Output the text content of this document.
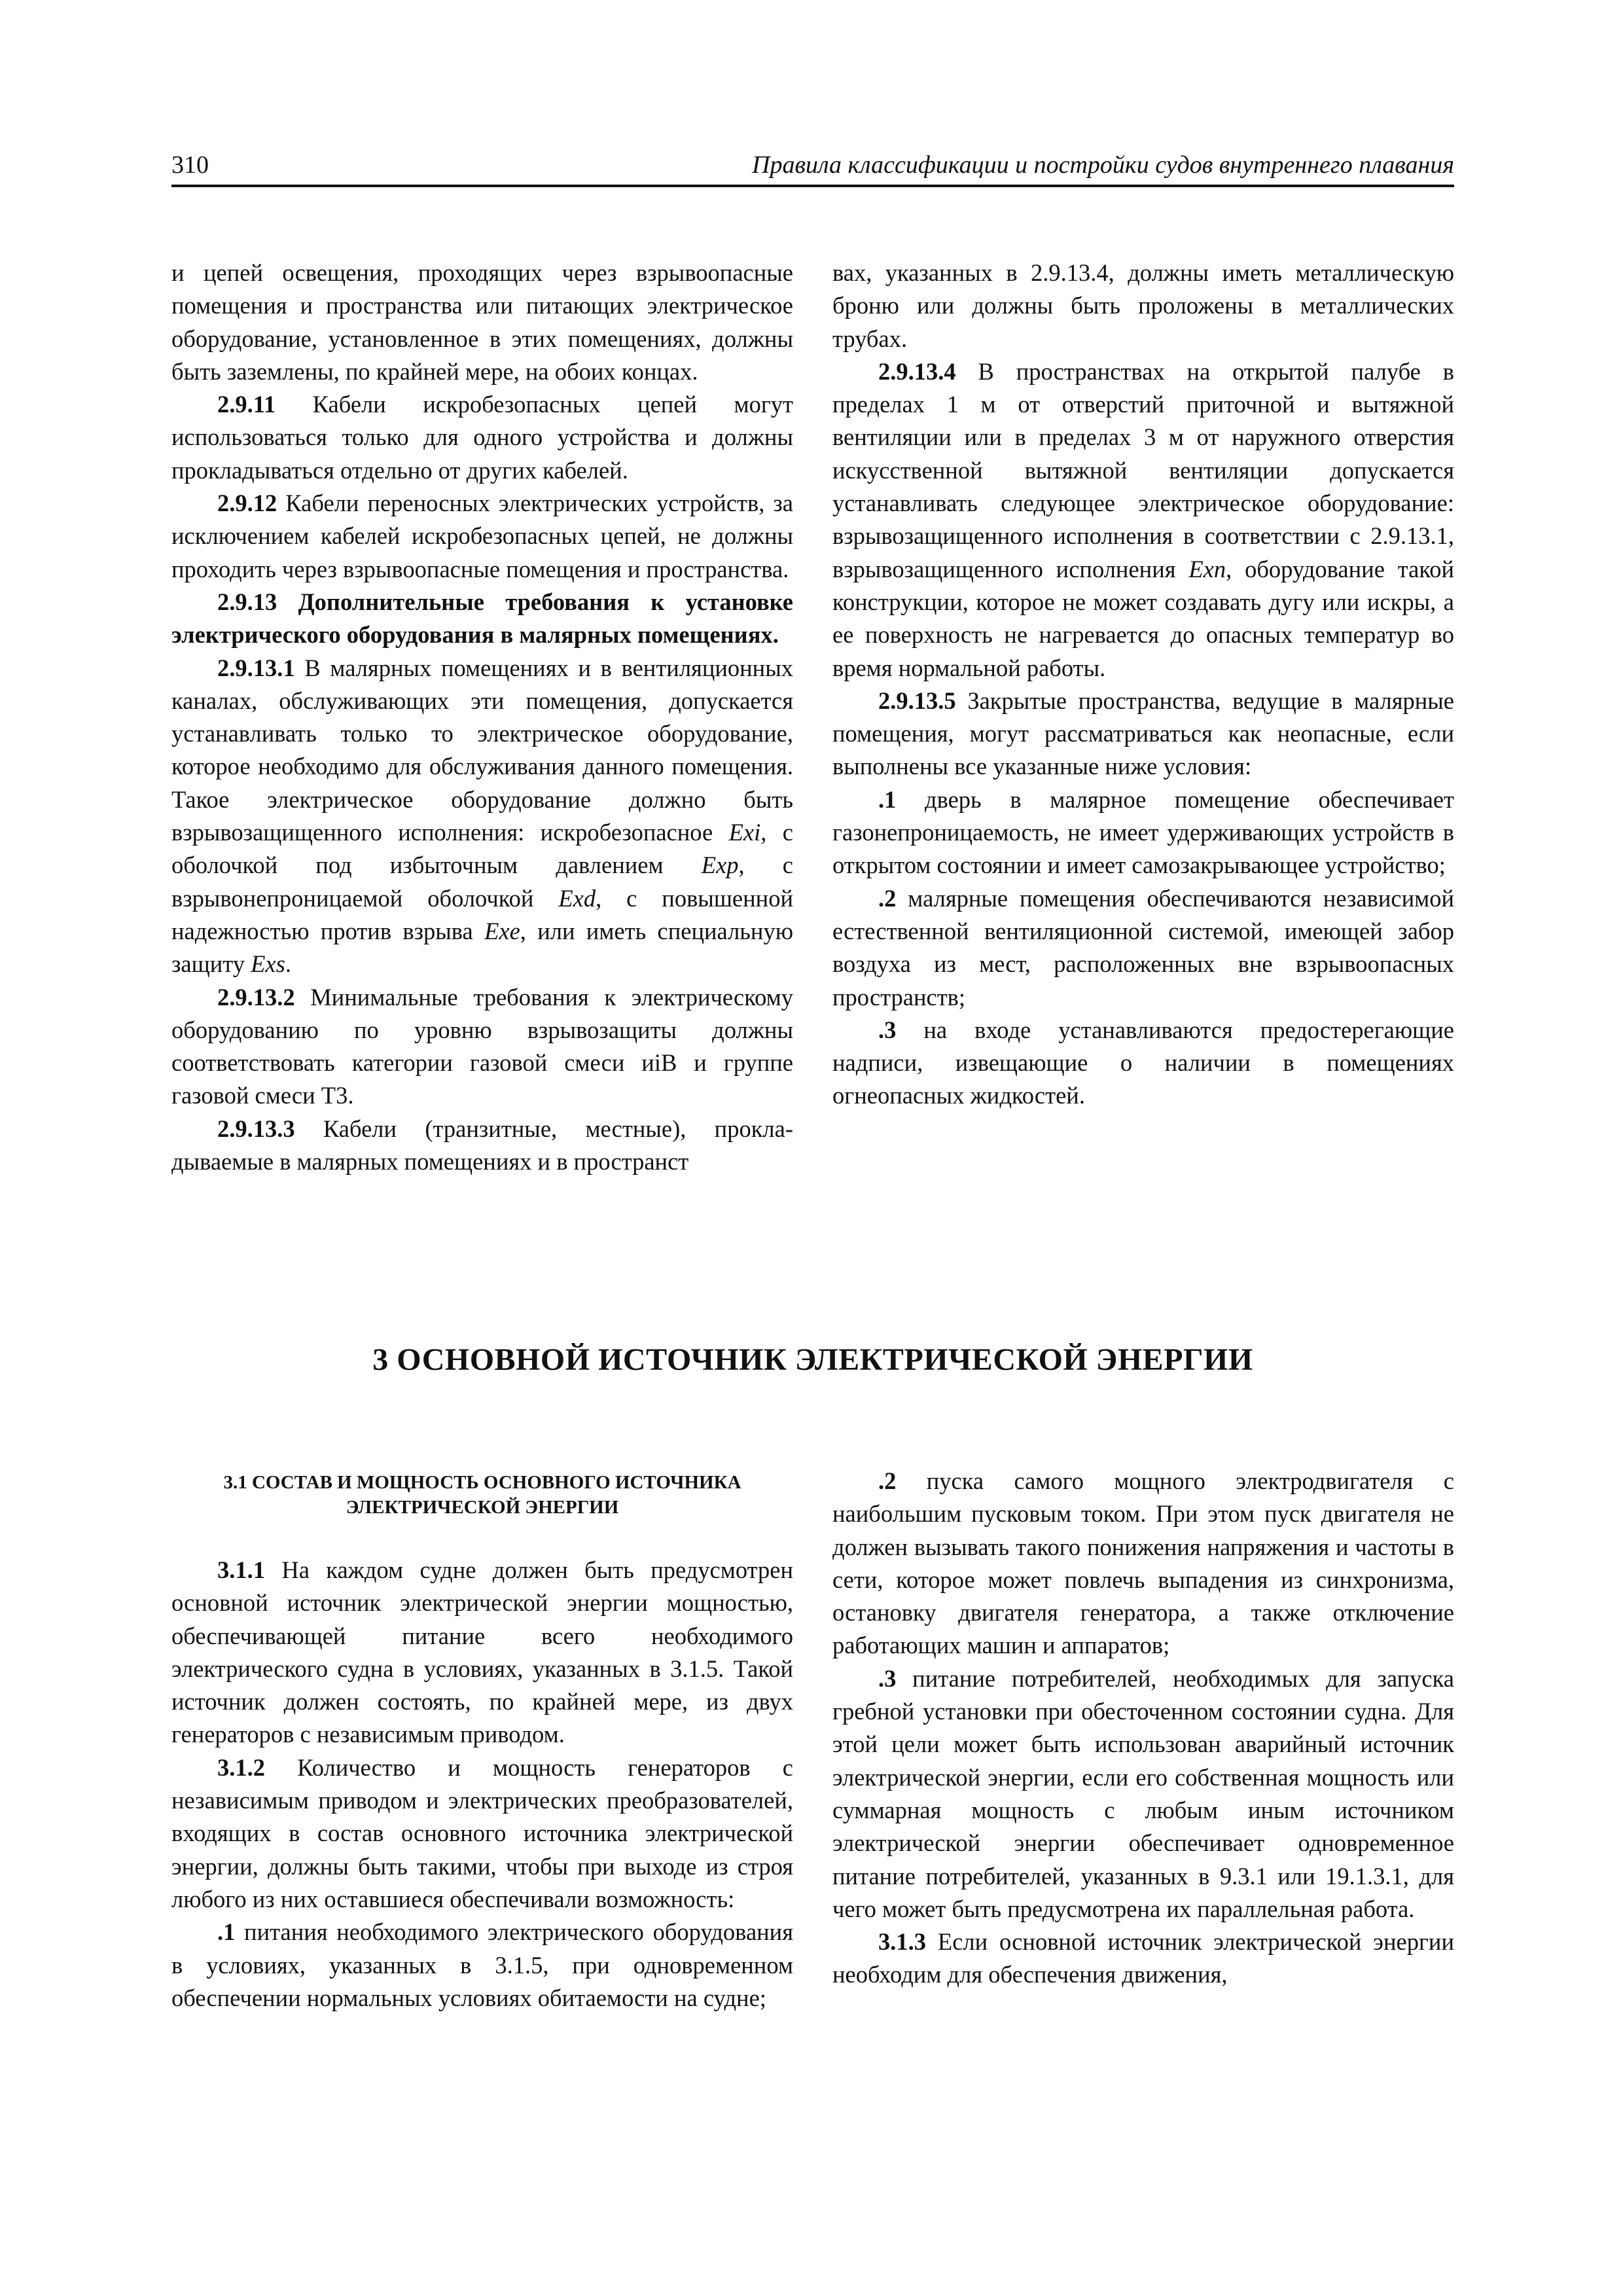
310	Правила классификации и постройки судов внутреннего плавания

и цепей освещения, проходящих через взрывоопасные помещения и пространства или питающих электрическое оборудование, установленное в этих помещениях, должны быть заземлены, по крайней мере, на обоих концах.

2.9.11 Кабели искробезопасных цепей могут использоваться только для одного устройства и должны прокладываться отдельно от других кабелей.

2.9.12 Кабели переносных электрических устройств, за исключением кабелей искробезопасных цепей, не должны проходить через взрывоопасные помещения и пространства.

2.9.13 Дополнительные требования к установке электрического оборудования в малярных помещениях.

2.9.13.1 В малярных помещениях и в вентиляционных каналах, обслуживающих эти помещения, допускается устанавливать только то электрическое оборудование, которое необходимо для обслуживания данного помещения. Такое электрическое оборудование должно быть взрывозащищенного исполнения: искробезопасное Exi, с оболочкой под избыточным давлением Exp, с взрывонепроницаемой оболочкой Exd, с повышенной надежностью против взрыва Exe, или иметь специальную защиту Exs.

2.9.13.2 Минимальные требования к электрическому оборудованию по уровню взрывозащиты должны соответствовать категории газовой смеси иiB и группе газовой смеси Т3.

2.9.13.3 Кабели (транзитные, местные), прокладываемые в малярных помещениях и в пространст

вах, указанных в 2.9.13.4, должны иметь металлическую броню или должны быть проложены в металлических трубах.

2.9.13.4 В пространствах на открытой палубе в пределах 1 м от отверстий приточной и вытяжной вентиляции или в пределах 3 м от наружного отверстия искусственной вытяжной вентиляции допускается устанавливать следующее электрическое оборудование: взрывозащищенного исполнения в соответствии с 2.9.13.1, взрывозащищенного исполнения Exn, оборудование такой конструкции, которое не может создавать дугу или искры, а ее поверхность не нагревается до опасных температур во время нормальной работы.

2.9.13.5 Закрытые пространства, ведущие в малярные помещения, могут рассматриваться как неопасные, если выполнены все указанные ниже условия:

.1 дверь в малярное помещение обеспечивает газонепроницаемость, не имеет удерживающих устройств в открытом состоянии и имеет самозакрывающее устройство;

.2 малярные помещения обеспечиваются независимой естественной вентиляционной системой, имеющей забор воздуха из мест, расположенных вне взрывоопасных пространств;

.3 на входе устанавливаются предостерегающие надписи, извещающие о наличии в помещениях огнеопасных жидкостей.

3 ОСНОВНОЙ ИСТОЧНИК ЭЛЕКТРИЧЕСКОЙ ЭНЕРГИИ
3.1 СОСТАВ И МОЩНОСТЬ ОСНОВНОГО ИСТОЧНИКА
ЭЛЕКТРИЧЕСКОЙ ЭНЕРГИИ

3.1.1 На каждом судне должен быть предусмотрен основной источник электрической энергии мощностью, обеспечивающей питание всего необходимого электрического судна в условиях, указанных в 3.1.5. Такой источник должен состоять, по крайней мере, из двух генераторов с независимым приводом.

3.1.2 Количество и мощность генераторов с независимым приводом и электрических преобразователей, входящих в состав основного источника электрической энергии, должны быть такими, чтобы при выходе из строя любого из них оставшиеся обеспечивали возможность:

.1 питания необходимого электрического оборудования в условиях, указанных в 3.1.5, при одновременном обеспечении нормальных условиях обитаемости на судне;

.2 пуска самого мощного электродвигателя с наибольшим пусковым током. При этом пуск двигателя не должен вызывать такого понижения напряжения и частоты в сети, которое может повлечь выпадения из синхронизма, остановку двигателя генератора, а также отключение работающих машин и аппаратов;

.3 питание потребителей, необходимых для запуска гребной установки при обесточенном состоянии судна. Для этой цели может быть использован аварийный источник электрической энергии, если его собственная мощность или суммарная мощность с любым иным источником электрической энергии обеспечивает одновременное питание потребителей, указанных в 9.3.1 или 19.1.3.1, для чего может быть предусмотрена их параллельная работа.

3.1.3 Если основной источник электрической энергии необходим для обеспечения движения,
